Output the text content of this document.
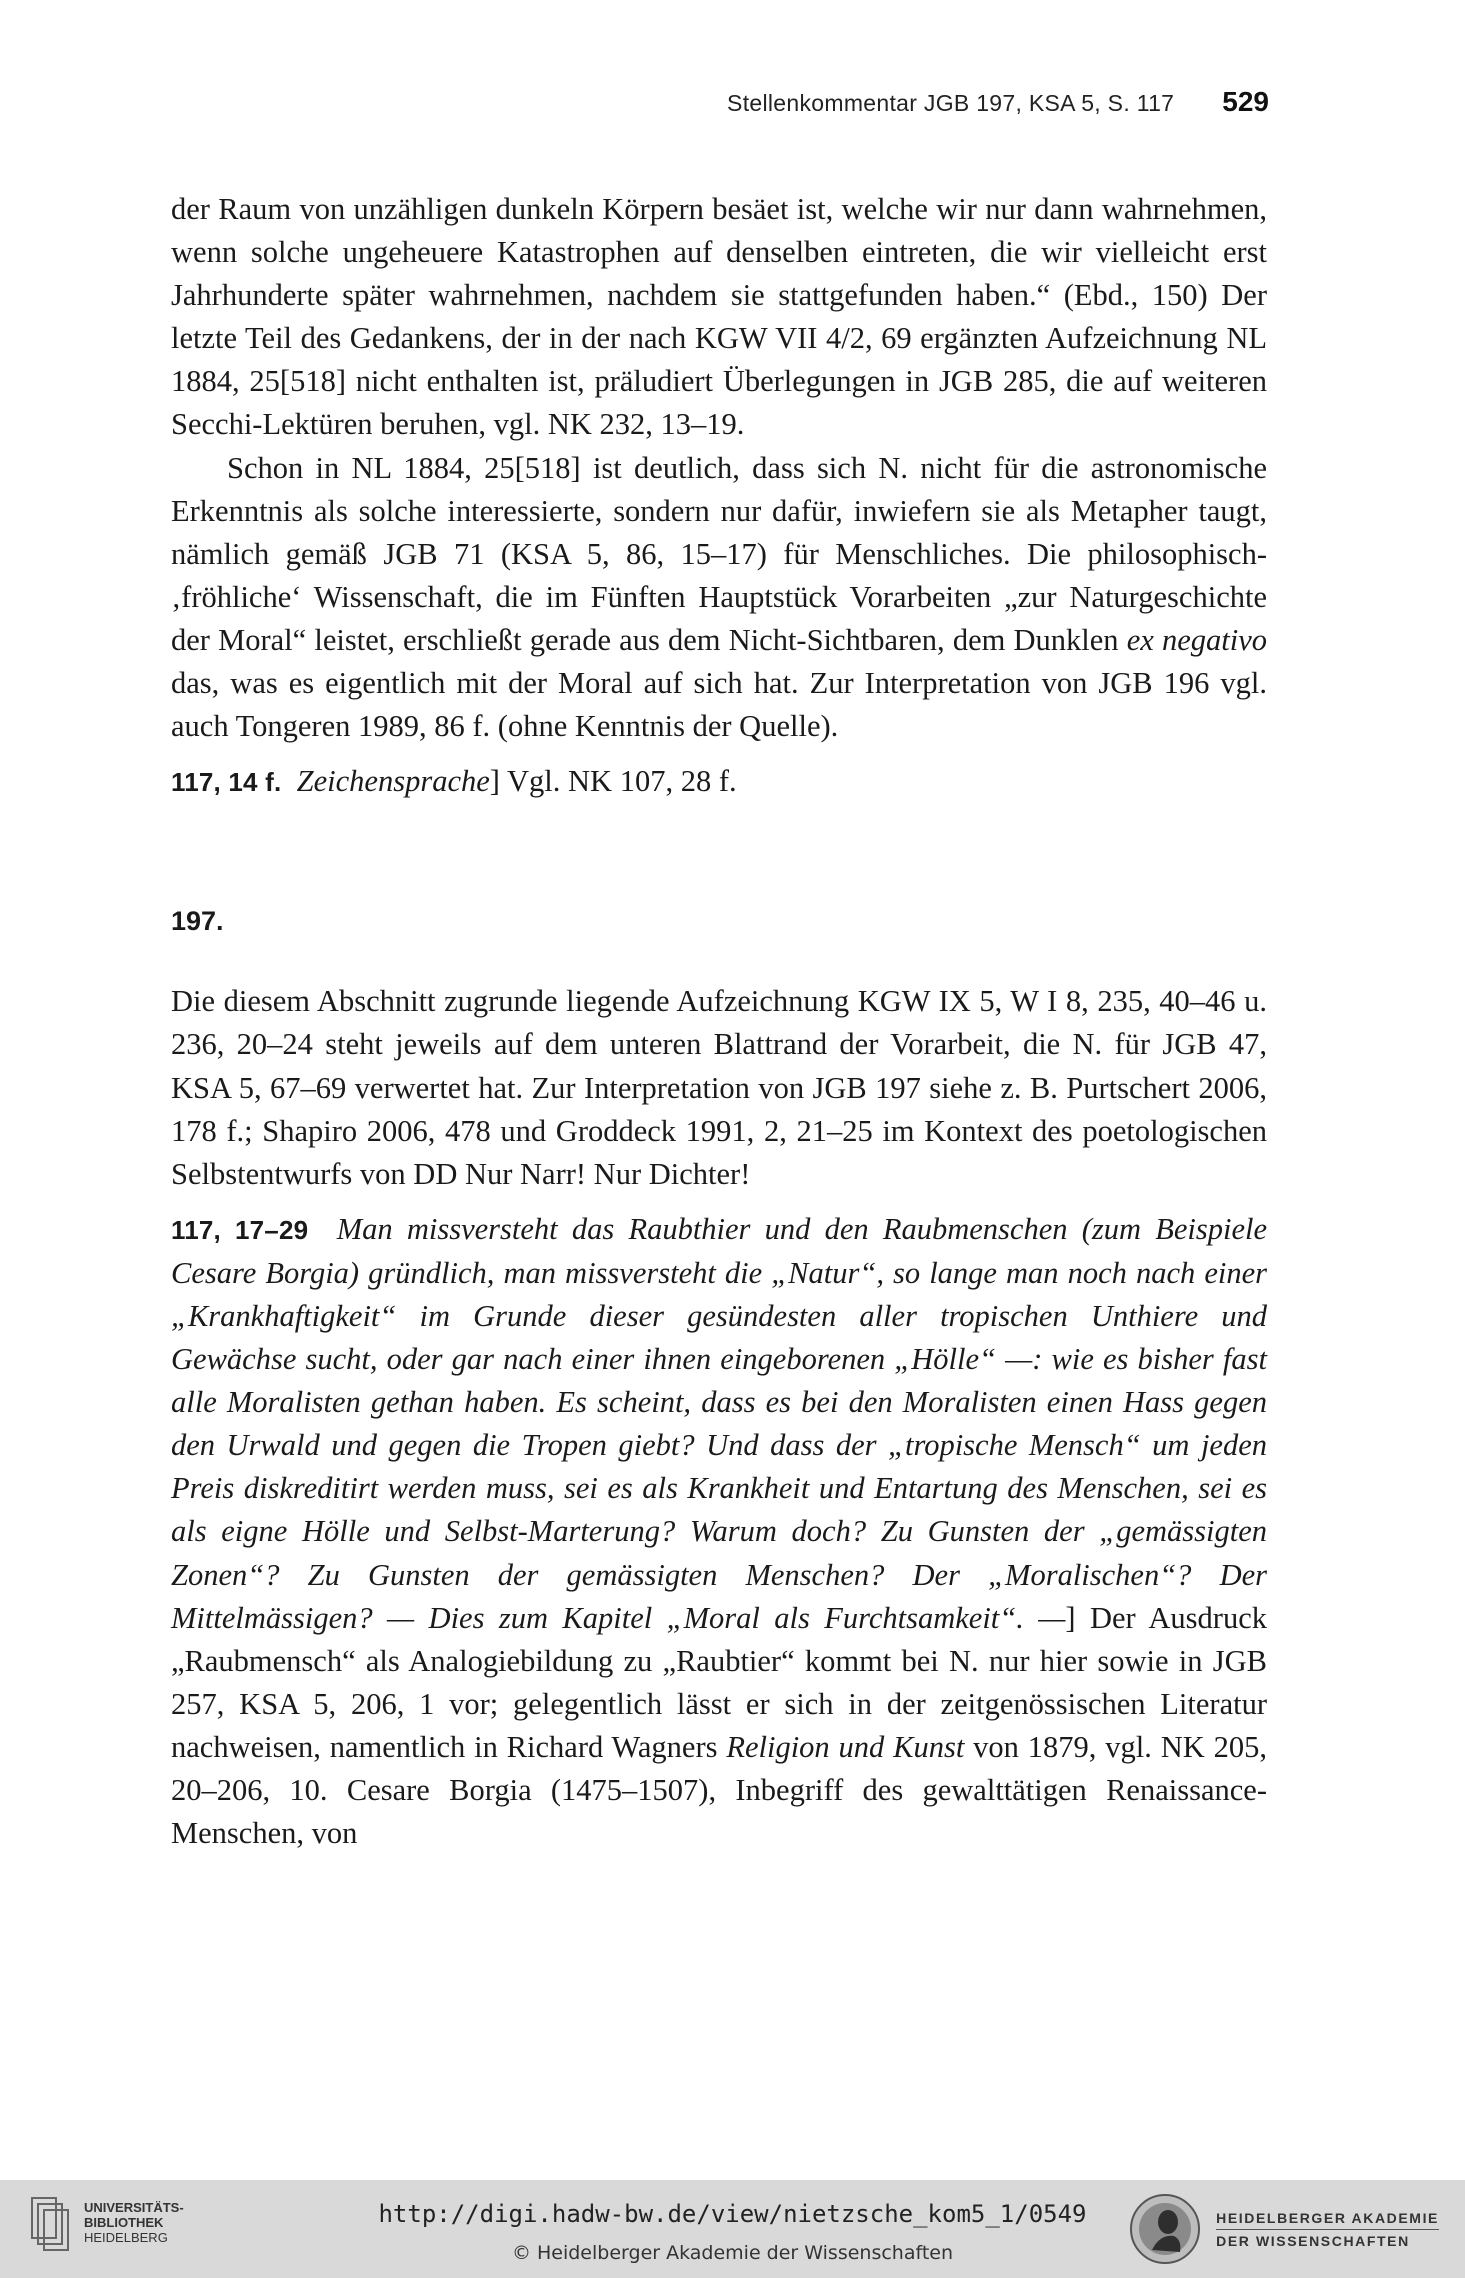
Stellenkommentar JGB 197, KSA 5, S. 117 529

der Raum von unzähligen dunkeln Körpern besäet ist, welche wir nur dann wahrnehmen, wenn solche ungeheuere Katastrophen auf denselben eintreten, die wir vielleicht erst Jahrhunderte später wahrnehmen, nachdem sie stattgefunden haben.“ (Ebd., 150) Der letzte Teil des Gedankens, der in der nach KGW VII 4/2, 69 ergänzten Aufzeichnung NL 1884, 25[518] nicht enthalten ist, präludiert Überlegungen in JGB 285, die auf weiteren Secchi-Lektüren beruhen, vgl. NK 232, 13–19.

Schon in NL 1884, 25[518] ist deutlich, dass sich N. nicht für die astronomische Erkenntnis als solche interessierte, sondern nur dafür, inwiefern sie als Metapher taugt, nämlich gemäß JGB 71 (KSA 5, 86, 15–17) für Menschliches. Die philosophisch-‚fröhliche‘ Wissenschaft, die im Fünften Hauptstück Vorarbeiten „zur Naturgeschichte der Moral“ leistet, erschließt gerade aus dem Nicht-Sichtbaren, dem Dunklen ex negativo das, was es eigentlich mit der Moral auf sich hat. Zur Interpretation von JGB 196 vgl. auch Tongeren 1989, 86 f. (ohne Kenntnis der Quelle).

117, 14 f. Zeichensprache] Vgl. NK 107, 28 f.

197.

Die diesem Abschnitt zugrunde liegende Aufzeichnung KGW IX 5, W I 8, 235, 40–46 u. 236, 20–24 steht jeweils auf dem unteren Blattrand der Vorarbeit, die N. für JGB 47, KSA 5, 67–69 verwertet hat. Zur Interpretation von JGB 197 siehe z. B. Purtschert 2006, 178 f.; Shapiro 2006, 478 und Groddeck 1991, 2, 21–25 im Kontext des poetologischen Selbstentwurfs von DD Nur Narr! Nur Dichter!

117, 17–29 Man missversteht das Raubthier und den Raubmenschen (zum Beispiele Cesare Borgia) gründlich, man missversteht die „Natur“, so lange man noch nach einer „Krankhaftigkeit“ im Grunde dieser gesündesten aller tropischen Unthiere und Gewächse sucht, oder gar nach einer ihnen eingeborenen „Hölle“ —: wie es bisher fast alle Moralisten gethan haben. Es scheint, dass es bei den Moralisten einen Hass gegen den Urwald und gegen die Tropen giebt? Und dass der „tropische Mensch“ um jeden Preis diskreditirt werden muss, sei es als Krankheit und Entartung des Menschen, sei es als eigne Hölle und Selbst-Marterung? Warum doch? Zu Gunsten der „gemässigten Zonen“? Zu Gunsten der gemässigten Menschen? Der „Moralischen“? Der Mittelmässigen? — Dies zum Kapitel „Moral als Furchtsamkeit“. —] Der Ausdruck „Raubmensch“ als Analogiebildung zu „Raubtier“ kommt bei N. nur hier sowie in JGB 257, KSA 5, 206, 1 vor; gelegentlich lässt er sich in der zeitgenössischen Literatur nachweisen, namentlich in Richard Wagners Religion und Kunst von 1879, vgl. NK 205, 20–206, 10. Cesare Borgia (1475–1507), Inbegriff des gewalttätigen Renaissance-Menschen, von

UNIVERSITÄTS-
BIBLIOTHEK
HEIDELBERG
http://digi.hadw-bw.de/view/nietzsche_kom5_1/0549
© Heidelberger Akademie der Wissenschaften
HEIDELBERGER AKADEMIE
DER WISSENSCHAFTEN
